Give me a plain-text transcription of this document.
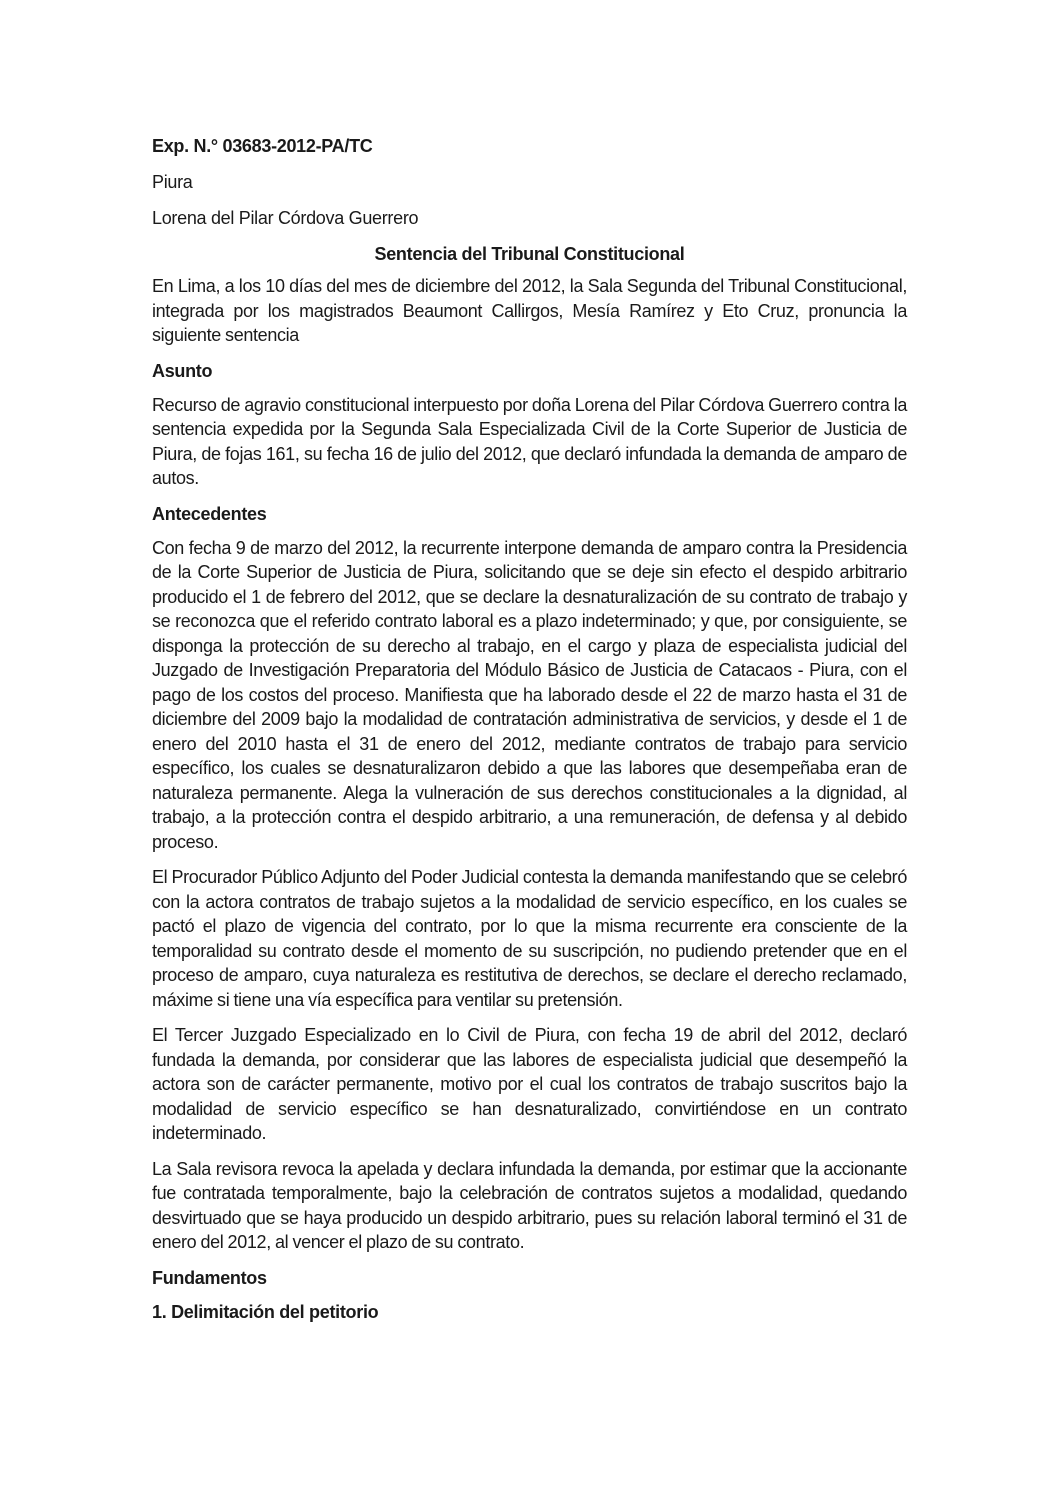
Exp. N.° 03683-2012-PA/TC

Piura

Lorena del Pilar Córdova Guerrero

Sentencia del Tribunal Constitucional

En Lima, a los 10 días del mes de diciembre del 2012, la Sala Segunda del Tribunal Constitucional, integrada por los magistrados Beaumont Callirgos, Mesía Ramírez y Eto Cruz, pronuncia la siguiente sentencia

Asunto

Recurso de agravio constitucional interpuesto por doña Lorena del Pilar Córdova Guerrero contra la sentencia expedida por la Segunda Sala Especializada Civil de la Corte Superior de Justicia de Piura, de fojas 161, su fecha 16 de julio del 2012, que declaró infundada la demanda de amparo de autos.

Antecedentes

Con fecha 9 de marzo del 2012, la recurrente interpone demanda de amparo contra la Presidencia de la Corte Superior de Justicia de Piura, solicitando que se deje sin efecto el despido arbitrario producido el 1 de febrero del 2012, que se declare la desnaturalización de su contrato de trabajo y se reconozca que el referido contrato laboral es a plazo indeterminado; y que, por consiguiente, se disponga la protección de su derecho al trabajo, en el cargo y plaza de especialista judicial del Juzgado de Investigación Preparatoria del Módulo Básico de Justicia de Catacaos - Piura, con el pago de los costos del proceso. Manifiesta que ha laborado desde el 22 de marzo hasta el 31 de diciembre del 2009 bajo la modalidad de contratación administrativa de servicios, y desde el 1 de enero del 2010 hasta el 31 de enero del 2012, mediante contratos de trabajo para servicio específico, los cuales se desnaturalizaron debido a que las labores que desempeñaba eran de naturaleza permanente. Alega la vulneración de sus derechos constitucionales a la dignidad, al trabajo, a la protección contra el despido arbitrario, a una remuneración, de defensa y al debido proceso.

El Procurador Público Adjunto del Poder Judicial contesta la demanda manifestando que se celebró con la actora contratos de trabajo sujetos a la modalidad de servicio específico, en los cuales se pactó el plazo de vigencia del contrato, por lo que la misma recurrente era consciente de la temporalidad su contrato desde el momento de su suscripción, no pudiendo pretender que en el proceso de amparo, cuya naturaleza es restitutiva de derechos, se declare el derecho reclamado, máxime si tiene una vía específica para ventilar su pretensión.

El Tercer Juzgado Especializado en lo Civil de Piura, con fecha 19 de abril del 2012, declaró fundada la demanda, por considerar que las labores de especialista judicial que desempeñó la actora son de carácter permanente, motivo por el cual los contratos de trabajo suscritos bajo la modalidad de servicio específico se han desnaturalizado, convirtiéndose en un contrato indeterminado.

La Sala revisora revoca la apelada y declara infundada la demanda, por estimar que la accionante fue contratada temporalmente, bajo la celebración de contratos sujetos a modalidad, quedando desvirtuado que se haya producido un despido arbitrario, pues su relación laboral terminó el 31 de enero del 2012, al vencer el plazo de su contrato.

Fundamentos

1. Delimitación del petitorio
